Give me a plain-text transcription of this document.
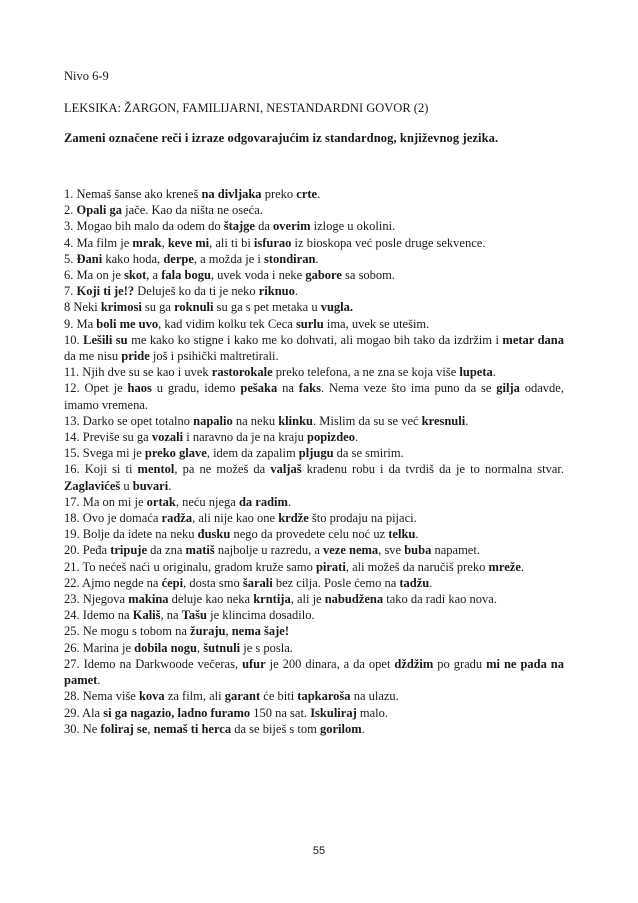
Nivo 6-9
LEKSIKA: ŽARGON, FAMILIJARNI, NESTANDARDNI GOVOR (2)
Zameni označene reči i izraze odgovarajućim iz standardnog, književnog jezika.

1. Nemaš šanse ako kreneš na divljaka preko crte.

2. Opali ga jače. Kao da ništa ne oseća.

3. Mogao bih malo da odem do štajge da overim izloge u okolini.

4. Ma film je mrak, keve mi, ali ti bi isfurao iz bioskopa već posle druge sekvence.

5. Đani kako hoda, derpe, a možda je i stondiran.

6. Ma on je skot, a fala bogu, uvek voda i neke gabore sa sobom.

7. Koji ti je!? Deluješ ko da ti je neko riknuo.

8 Neki krimosi su ga roknuli su ga s pet metaka u vugla.

9. Ma boli me uvo, kad vidim kolku tek Ceca surlu ima, uvek se utešim.

10. Lešili su me kako ko stigne i kako me ko dohvati, ali mogao bih tako da izdržim i metar dana da me nisu pride još i psihički maltretirali.

11. Njih dve su se kao i uvek rastorokale preko telefona, a ne zna se koja više lupeta.

12. Opet je haos u gradu, idemo pešaka na faks. Nema veze što ima puno da se gilja odavde, imamo vremena.

13. Darko se opet totalno napalio na neku klinku. Mislim da su se već kresnuli.

14. Previše su ga vozali i naravno da je na kraju popizdeo.

15. Svega mi je preko glave, idem da zapalim pljugu da se smirim.

16. Koji si ti mentol, pa ne možeš da valjaš kradenu robu i da tvrdiš da je to normalna stvar. Zaglavićeš u buvari.

17. Ma on mi je ortak, neću njega da radim.

18. Ovo je domaća radža, ali nije kao one krdže što prodaju na pijaci.

19. Bolje da idete na neku đusku nego da provedete celu noć uz telku.

20. Peđa tripuje da zna matiš najbolje u razredu, a veze nema, sve buba napamet.

21. To nećeš naći u originalu, gradom kruže samo pirati, ali možeš da naručiš preko mreže.

22. Ajmo negde na ćepi, dosta smo šarali bez cilja. Posle ćemo na tadžu.

23. Njegova makina deluje kao neka krntija, ali je nabudžena tako da radi kao nova.

24. Idemo na Kališ, na Tašu je klincima dosadilo.

25. Ne mogu s tobom na žuraju, nema šaje!

26. Marina je dobila nogu, šutnuli je s posla.

27. Idemo na Darkwoode večeras, ufur je 200 dinara, a da opet dždžim po gradu mi ne pada na pamet.

28. Nema više kova za film, ali garant će biti tapkaroša na ulazu.

29. Ala si ga nagazio, ladno furamo 150 na sat. Iskuliraj malo.

30. Ne foliraj se, nemaš ti herca da se biješ s tom gorilom.

55
